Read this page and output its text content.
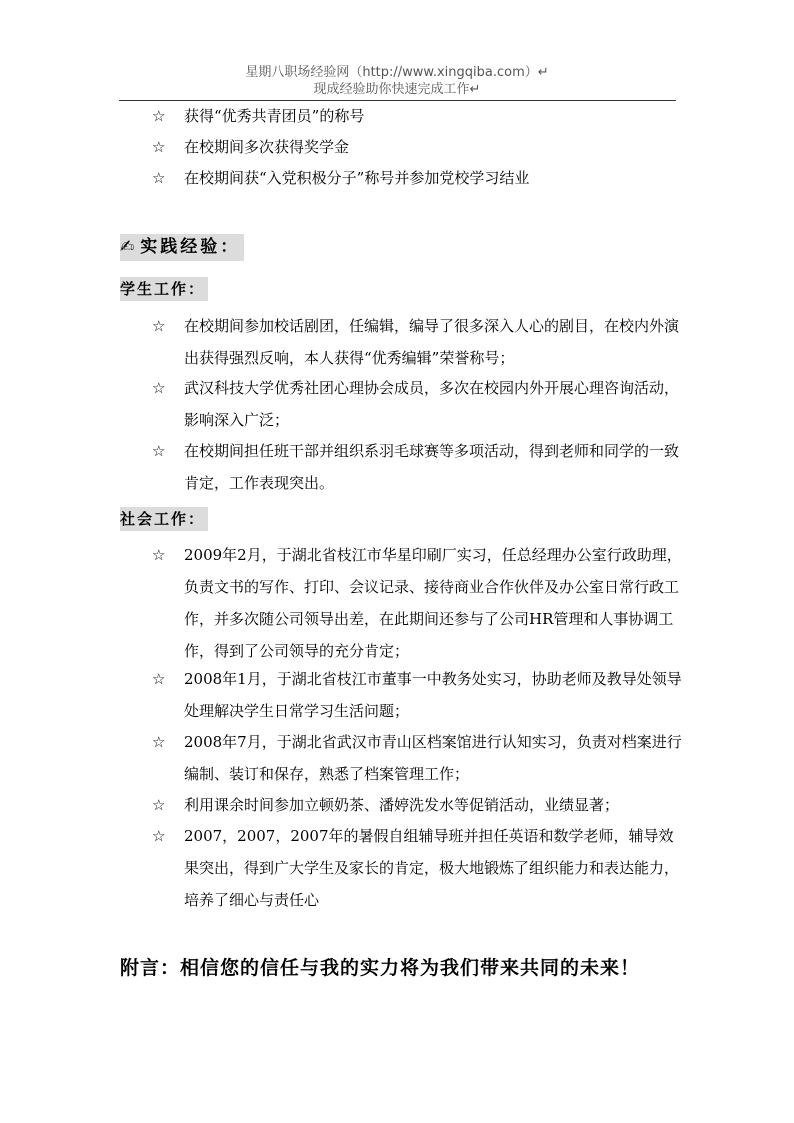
星期八职场经验网（http://www.xingqiba.com）↵
现成经验助你快速完成工作↵
☆	获得“优秀共青团员”的称号
☆	在校期间多次获得奖学金
☆	在校期间获“入党积极分子”称号并参加党校学习结业
✍ 实践经验：
学生工作：
☆	在校期间参加校话剧团，任编辑，编导了很多深入人心的剧目，在校内外演出获得强烈反响，本人获得“优秀编辑”荣誉称号；
☆	武汉科技大学优秀社团心理协会成员，多次在校园内外开展心理咨询活动，影响深入广泛；
☆	在校期间担任班干部并组织系羽毛球赛等多项活动，得到老师和同学的一致肯定，工作表现突出。
社会工作：
☆	2009年2月，于湖北省枝江市华星印刷厂实习，任总经理办公室行政助理，负责文书的写作、打印、会议记录、接待商业合作伙伴及办公室日常行政工作，并多次随公司领导出差，在此期间还参与了公司HR管理和人事协调工作，得到了公司领导的充分肯定；
☆	2008年1月，于湖北省枝江市董事一中教务处实习，协助老师及教导处领导处理解决学生日常学习生活问题；
☆	2008年7月，于湖北省武汉市青山区档案馆进行认知实习，负责对档案进行编制、装订和保存，熟悉了档案管理工作；
☆	利用课余时间参加立顿奶茶、潘婷洗发水等促销活动，业绩显著；
☆	2007，2007，2007年的暑假自组辅导班并担任英语和数学老师，辅导效果突出，得到广大学生及家长的肯定，极大地锻炼了组织能力和表达能力，培养了细心与责任心
附言：相信您的信任与我的实力将为我们带来共同的未来！
